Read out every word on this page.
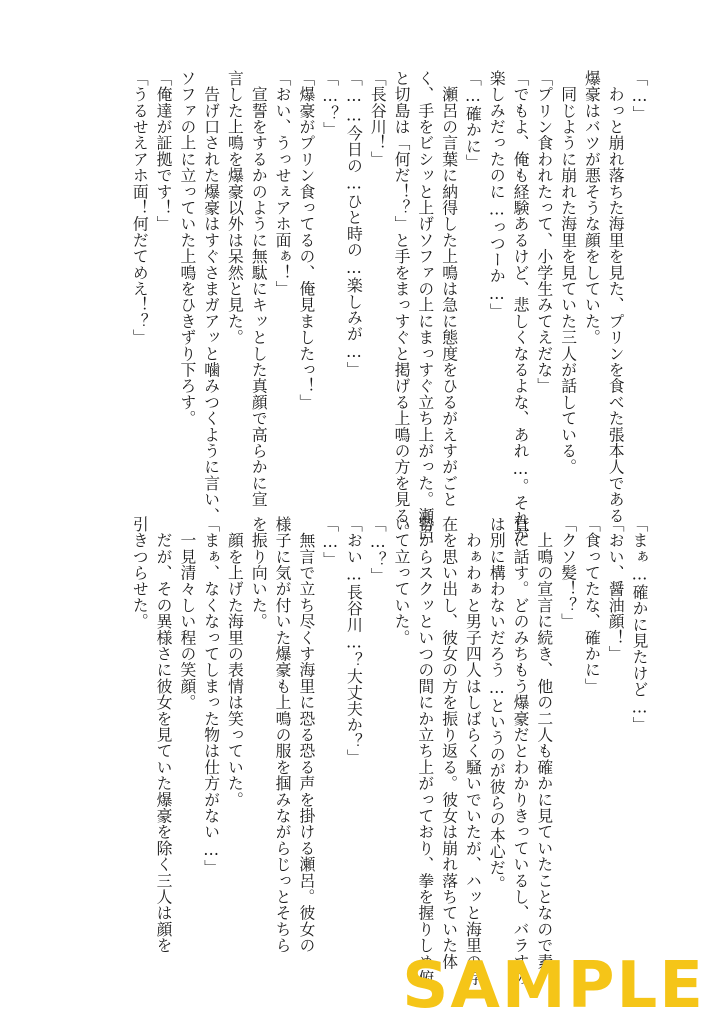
「…」
　わっと崩れ落ちた海里を見た、プリンを食べた張本人である
爆豪はバツが悪そうな顔をしていた。
　同じように崩れた海里を見ていた三人が話している。
「プリン食われたって、小学生みてえだな」
「でもよ、俺も経験あるけど、悲しくなるよな、あれ…。それが
楽しみだったのに…っつーか…」
「…確かに」
　瀬呂の言葉に納得した上鳴は急に態度をひるがえすがごと
く、手をビシッと上げソファの上にまっすぐ立ち上がった。瀬呂
と切島は「何だ！？」と手をまっすぐと掲げる上鳴の方を見る。
「長谷川！」
「……今日の…ひと時の…楽しみが…」
「…？」
「爆豪がプリン食ってるの、俺見ましたっ！」
「おい、うっせぇアホ面ぁ！」
　宣誓をするかのように無駄にキッとした真顔で高らかに宣
言した上鳴を爆豪以外は呆然と見た。
　告げ口された爆豪はすぐさまガアッと噛みつくように言い、
ソファの上に立っていた上鳴をひきずり下ろす。
「俺達が証拠です！」
「うるせえアホ面！何だてめえ！？」
「まぁ…確かに見たけど…」
「おい、醤油顔！」
「食ってたな、確かに」
「クソ髪！？」
　上鳴の宣言に続き、他の二人も確かに見ていたことなので素
直に話す。どのみちもう爆豪だとわかりきっているし、バラすの
は別に構わないだろう…というのが彼らの本心だ。
　わぁわぁと男子四人はしばらく騒いでいたが、ハッと海里の存
在を思い出し、彼女の方を振り返る。彼女は崩れ落ちていた体
勢からスクッといつの間にか立ち上がっており、拳を握りしめ俯
いて立っていた。
「…？」
「おい…長谷川…？大丈夫か？」
「…」
　無言で立ち尽くす海里に恐る恐る声を掛ける瀬呂。彼女の
様子に気が付いた爆豪も上鳴の服を掴みながらじっとそちら
を振り向いた。
　顔を上げた海里の表情は笑っていた。
「まぁ、なくなってしまった物は仕方がない…」
　一見清々しい程の笑顔。
　だが、その異様さに彼女を見ていた爆豪を除く三人は顔を
引きつらせた。
SAMPLE
